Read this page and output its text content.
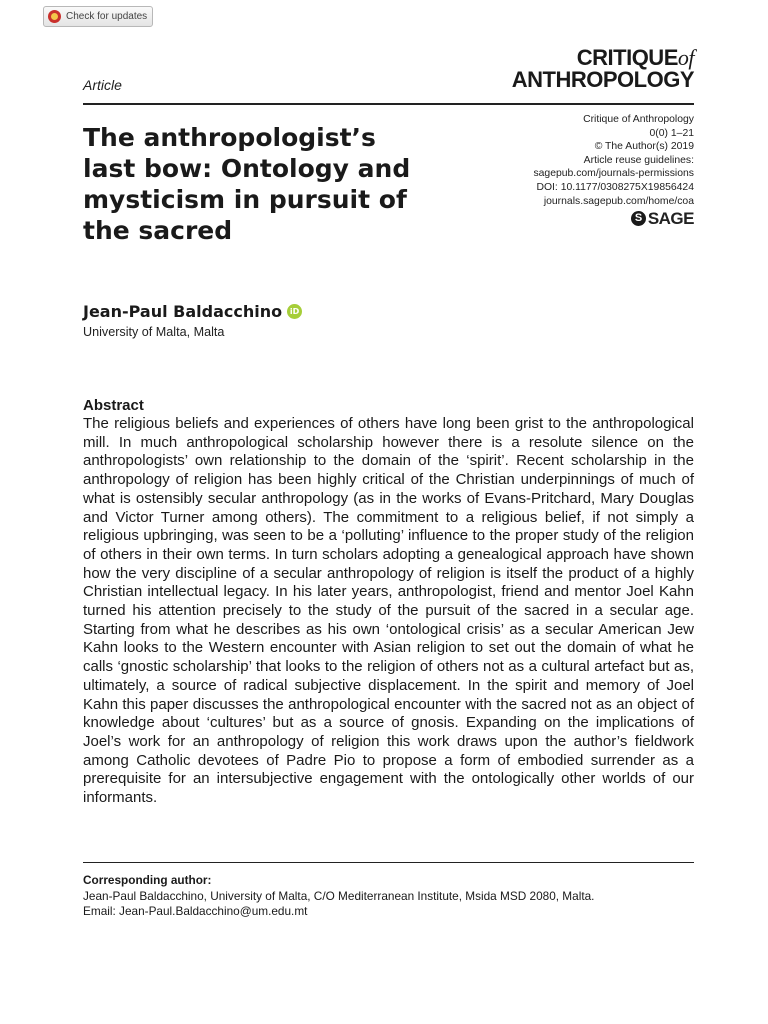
Check for updates
Article
CRITIQUEof
ANTHROPOLOGY
The anthropologist’s last bow: Ontology and mysticism in pursuit of the sacred
Critique of Anthropology
0(0) 1–21
© The Author(s) 2019
Article reuse guidelines:
sagepub.com/journals-permissions
DOI: 10.1177/0308275X19856424
journals.sagepub.com/home/coa
S SAGE
Jean-Paul Baldacchino iD
University of Malta, Malta
Abstract

The religious beliefs and experiences of others have long been grist to the anthropological mill. In much anthropological scholarship however there is a resolute silence on the anthropologists’ own relationship to the domain of the ‘spirit’. Recent scholarship in the anthropology of religion has been highly critical of the Christian underpinnings of much of what is ostensibly secular anthropology (as in the works of Evans-Pritchard, Mary Douglas and Victor Turner among others). The commitment to a religious belief, if not simply a religious upbringing, was seen to be a ‘polluting’ influence to the proper study of the religion of others in their own terms. In turn scholars adopting a genealogical approach have shown how the very discipline of a secular anthropology of religion is itself the product of a highly Christian intellectual legacy. In his later years, anthropologist, friend and mentor Joel Kahn turned his attention precisely to the study of the pursuit of the sacred in a secular age. Starting from what he describes as his own ‘ontological crisis’ as a secular American Jew Kahn looks to the Western encounter with Asian religion to set out the domain of what he calls ‘gnostic scholarship’ that looks to the religion of others not as a cultural artefact but as, ultimately, a source of radical subjective displacement. In the spirit and memory of Joel Kahn this paper discusses the anthropological encounter with the sacred not as an object of knowledge about ‘cultures’ but as a source of gnosis. Expanding on the implications of Joel’s work for an anthropology of religion this work draws upon the author’s fieldwork among Catholic devotees of Padre Pio to propose a form of embodied surrender as a prerequisite for an intersubjective engagement with the ontologically other worlds of our informants.

Corresponding author:
Jean-Paul Baldacchino, University of Malta, C/O Mediterranean Institute, Msida MSD 2080, Malta.
Email: Jean-Paul.Baldacchino@um.edu.mt
